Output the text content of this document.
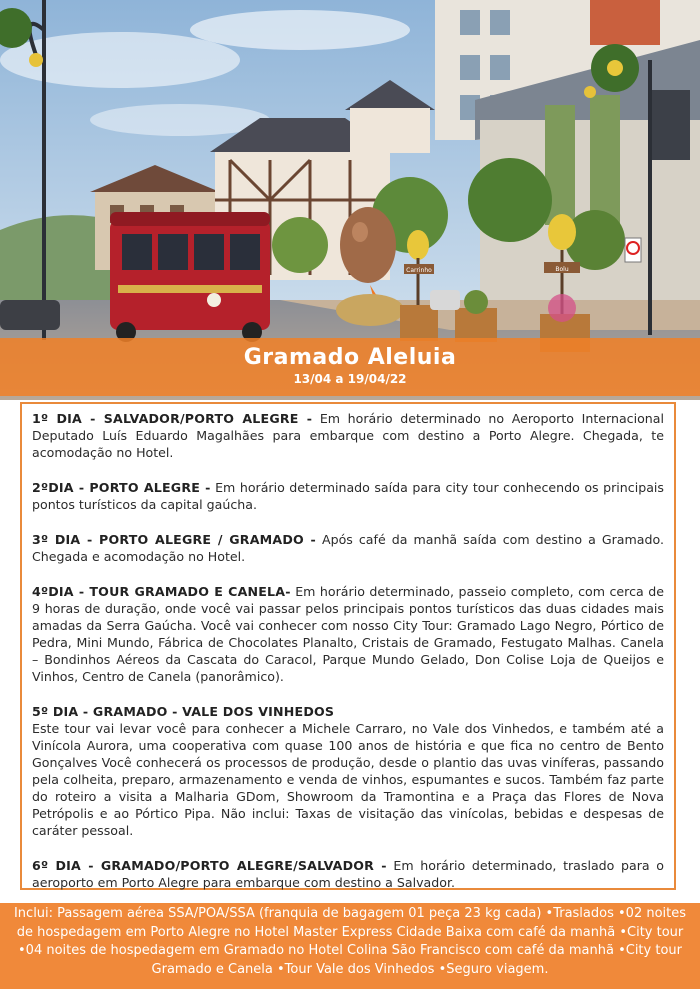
Carrinho	Bolu
Gramado Aleluia
13/04 a 19/04/22

1º DIA - SALVADOR/PORTO ALEGRE - Em horário determinado no Aeroporto Internacional Deputado Luís Eduardo Magalhães para embarque com destino a Porto Alegre. Chegada, te acomodação no Hotel.

2ºDIA - PORTO ALEGRE - Em horário determinado saída para city tour conhecendo os principais pontos turísticos da capital gaúcha.

3º DIA - PORTO ALEGRE / GRAMADO - Após café da manhã saída com destino a Gramado. Chegada e acomodação no Hotel.

4ºDIA - TOUR GRAMADO E CANELA- Em horário determinado, passeio completo, com cerca de 9 horas de duração, onde você vai passar pelos principais pontos turísticos das duas cidades mais amadas da Serra Gaúcha. Você vai conhecer com nosso City Tour: Gramado Lago Negro, Pórtico de Pedra, Mini Mundo, Fábrica de Chocolates Planalto, Cristais de Gramado, Festugato Malhas. Canela – Bondinhos Aéreos da Cascata do Caracol, Parque Mundo Gelado, Don Colise Loja de Queijos e Vinhos, Centro de Canela (panorâmico).

5º DIA - GRAMADO - VALE DOS VINHEDOS
Este tour vai levar você para conhecer a Michele Carraro, no Vale dos Vinhedos, e também até a Vinícola Aurora, uma cooperativa com quase 100 anos de história e que fica no centro de Bento Gonçalves Você conhecerá os processos de produção, desde o plantio das uvas viníferas, passando pela colheita, preparo, armazenamento e venda de vinhos, espumantes e sucos. Também faz parte do roteiro a visita a Malharia GDom, Showroom da Tramontina e a Praça das Flores de Nova Petrópolis e ao Pórtico Pipa. Não inclui: Taxas de visitação das vinícolas, bebidas e despesas de caráter pessoal.

6º DIA - GRAMADO/PORTO ALEGRE/SALVADOR - Em horário determinado, traslado para o aeroporto em Porto Alegre para embarque com destino a Salvador.

Inclui: Passagem aérea SSA/POA/SSA (franquia de bagagem 01 peça 23 kg cada) •Traslados •02 noites de hospedagem em Porto Alegre no Hotel Master Express Cidade Baixa com café da manhã •City tour •04 noites de hospedagem em Gramado no Hotel Colina São Francisco com café da manhã •City tour Gramado e Canela •Tour Vale dos Vinhedos •Seguro viagem.
